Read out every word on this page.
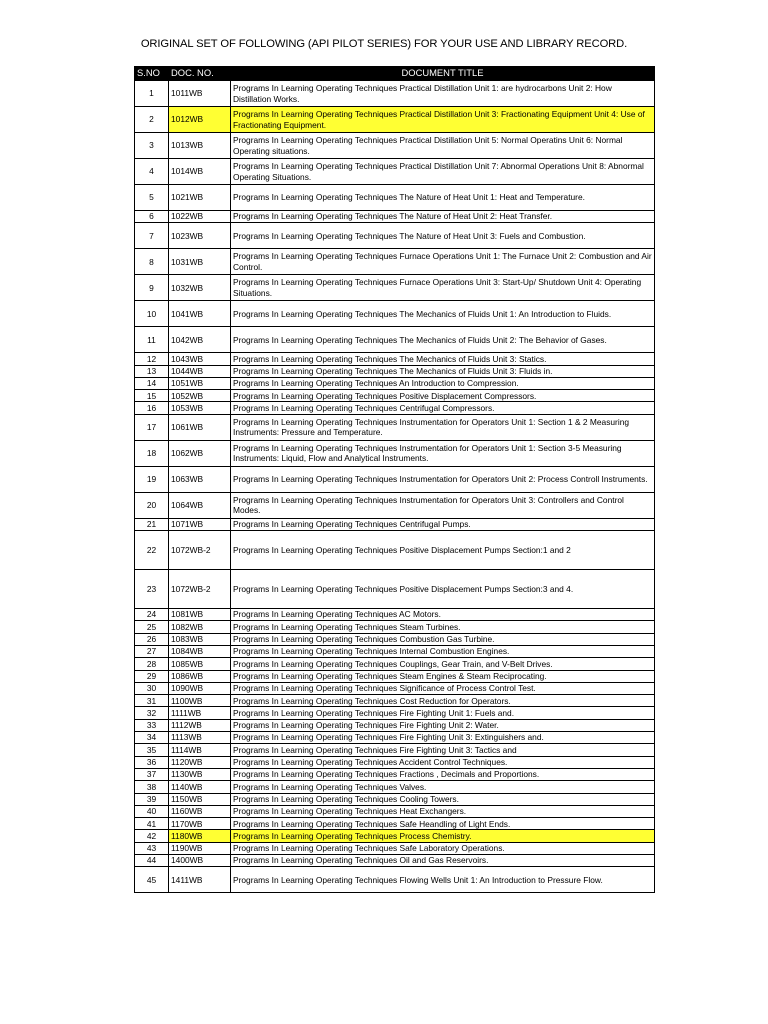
ORIGINAL SET OF FOLLOWING (API PILOT SERIES) FOR YOUR USE AND LIBRARY RECORD.
S.NO	DOC. NO.	DOCUMENT TITLE
1	1011WB	Programs In Learning Operating Techniques Practical Distillation Unit 1: are hydrocarbons Unit 2: How Distillation Works.
2	1012WB	Programs In Learning Operating Techniques Practical Distillation Unit 3: Fractionating Equipment Unit 4: Use of Fractionating Equipment.
3	1013WB	Programs In Learning Operating Techniques Practical Distillation Unit 5: Normal Operatins Unit 6: Normal Operating situations.
4	1014WB	Programs In Learning Operating Techniques Practical Distillation Unit 7: Abnormal Operations Unit 8: Abnormal Operating Situations.
5	1021WB	Programs In Learning Operating Techniques The Nature of Heat Unit 1: Heat and Temperature.
6	1022WB	Programs In Learning Operating Techniques The Nature of Heat Unit 2: Heat Transfer.
7	1023WB	Programs In Learning Operating Techniques The Nature of Heat Unit 3: Fuels and Combustion.
8	1031WB	Programs In Learning Operating Techniques Furnace Operations Unit 1: The Furnace Unit 2: Combustion and Air Control.
9	1032WB	Programs In Learning Operating Techniques Furnace Operations Unit 3: Start-Up/ Shutdown Unit 4: Operating Situations.
10	1041WB	Programs In Learning Operating Techniques The Mechanics of Fluids Unit 1: An Introduction to Fluids.
11	1042WB	Programs In Learning Operating Techniques The Mechanics of Fluids Unit 2: The Behavior of Gases.
12	1043WB	Programs In Learning Operating Techniques The Mechanics of Fluids Unit 3: Statics.
13	1044WB	Programs In Learning Operating Techniques The Mechanics of Fluids Unit 3: Fluids in.
14	1051WB	Programs In Learning Operating Techniques An Introduction to Compression.
15	1052WB	Programs In Learning Operating Techniques Positive Displacement Compressors.
16	1053WB	Programs In Learning Operating Techniques Centrifugal Compressors.
17	1061WB	Programs In Learning Operating Techniques Instrumentation for Operators Unit 1: Section 1 & 2 Measuring Instruments: Pressure and Temperature.
18	1062WB	Programs In Learning Operating Techniques Instrumentation for Operators Unit 1: Section 3-5 Measuring Instruments: Liquid, Flow and Analytical Instruments.
19	1063WB	Programs In Learning Operating Techniques Instrumentation for Operators Unit 2: Process Controll Instruments.
20	1064WB	Programs In Learning Operating Techniques Instrumentation for Operators Unit 3: Controllers and Control Modes.
21	1071WB	Programs In Learning Operating Techniques Centrifugal Pumps.
22	1072WB-2	Programs In Learning Operating Techniques Positive Displacement Pumps Section:1 and 2
23	1072WB-2	Programs In Learning Operating Techniques Positive Displacement Pumps Section:3 and 4.
24	1081WB	Programs In Learning Operating Techniques AC Motors.
25	1082WB	Programs In Learning Operating Techniques Steam Turbines.
26	1083WB	Programs In Learning Operating Techniques Combustion Gas Turbine.
27	1084WB	Programs In Learning Operating Techniques Internal Combustion Engines.
28	1085WB	Programs In Learning Operating Techniques Couplings, Gear Train, and V-Belt Drives.
29	1086WB	Programs In Learning Operating Techniques Steam Engines & Steam Reciprocating.
30	1090WB	Programs In Learning Operating Techniques Significance of Process Control Test.
31	1100WB	Programs In Learning Operating Techniques Cost Reduction for Operators.
32	1111WB	Programs In Learning Operating Techniques Fire Fighting Unit 1: Fuels and.
33	1112WB	Programs In Learning Operating Techniques Fire Fighting Unit 2: Water.
34	1113WB	Programs In Learning Operating Techniques Fire Fighting Unit 3: Extinguishers and.
35	1114WB	Programs In Learning Operating Techniques Fire Fighting Unit 3: Tactics and
36	1120WB	Programs In Learning Operating Techniques Accident Control Techniques.
37	1130WB	Programs In Learning Operating Techniques Fractions , Decimals and Proportions.
38	1140WB	Programs In Learning Operating Techniques Valves.
39	1150WB	Programs In Learning Operating Techniques Cooling Towers.
40	1160WB	Programs In Learning Operating Techniques Heat Exchangers.
41	1170WB	Programs In Learning Operating Techniques Safe Heandling of Light Ends.
42	1180WB	Programs In Learning Operating Techniques Process Chemistry.
43	1190WB	Programs In Learning Operating Techniques Safe Laboratory Operations.
44	1400WB	Programs In Learning Operating Techniques Oil and Gas Reservoirs.
45	1411WB	Programs In Learning Operating Techniques Flowing Wells Unit 1: An Introduction to Pressure Flow.
